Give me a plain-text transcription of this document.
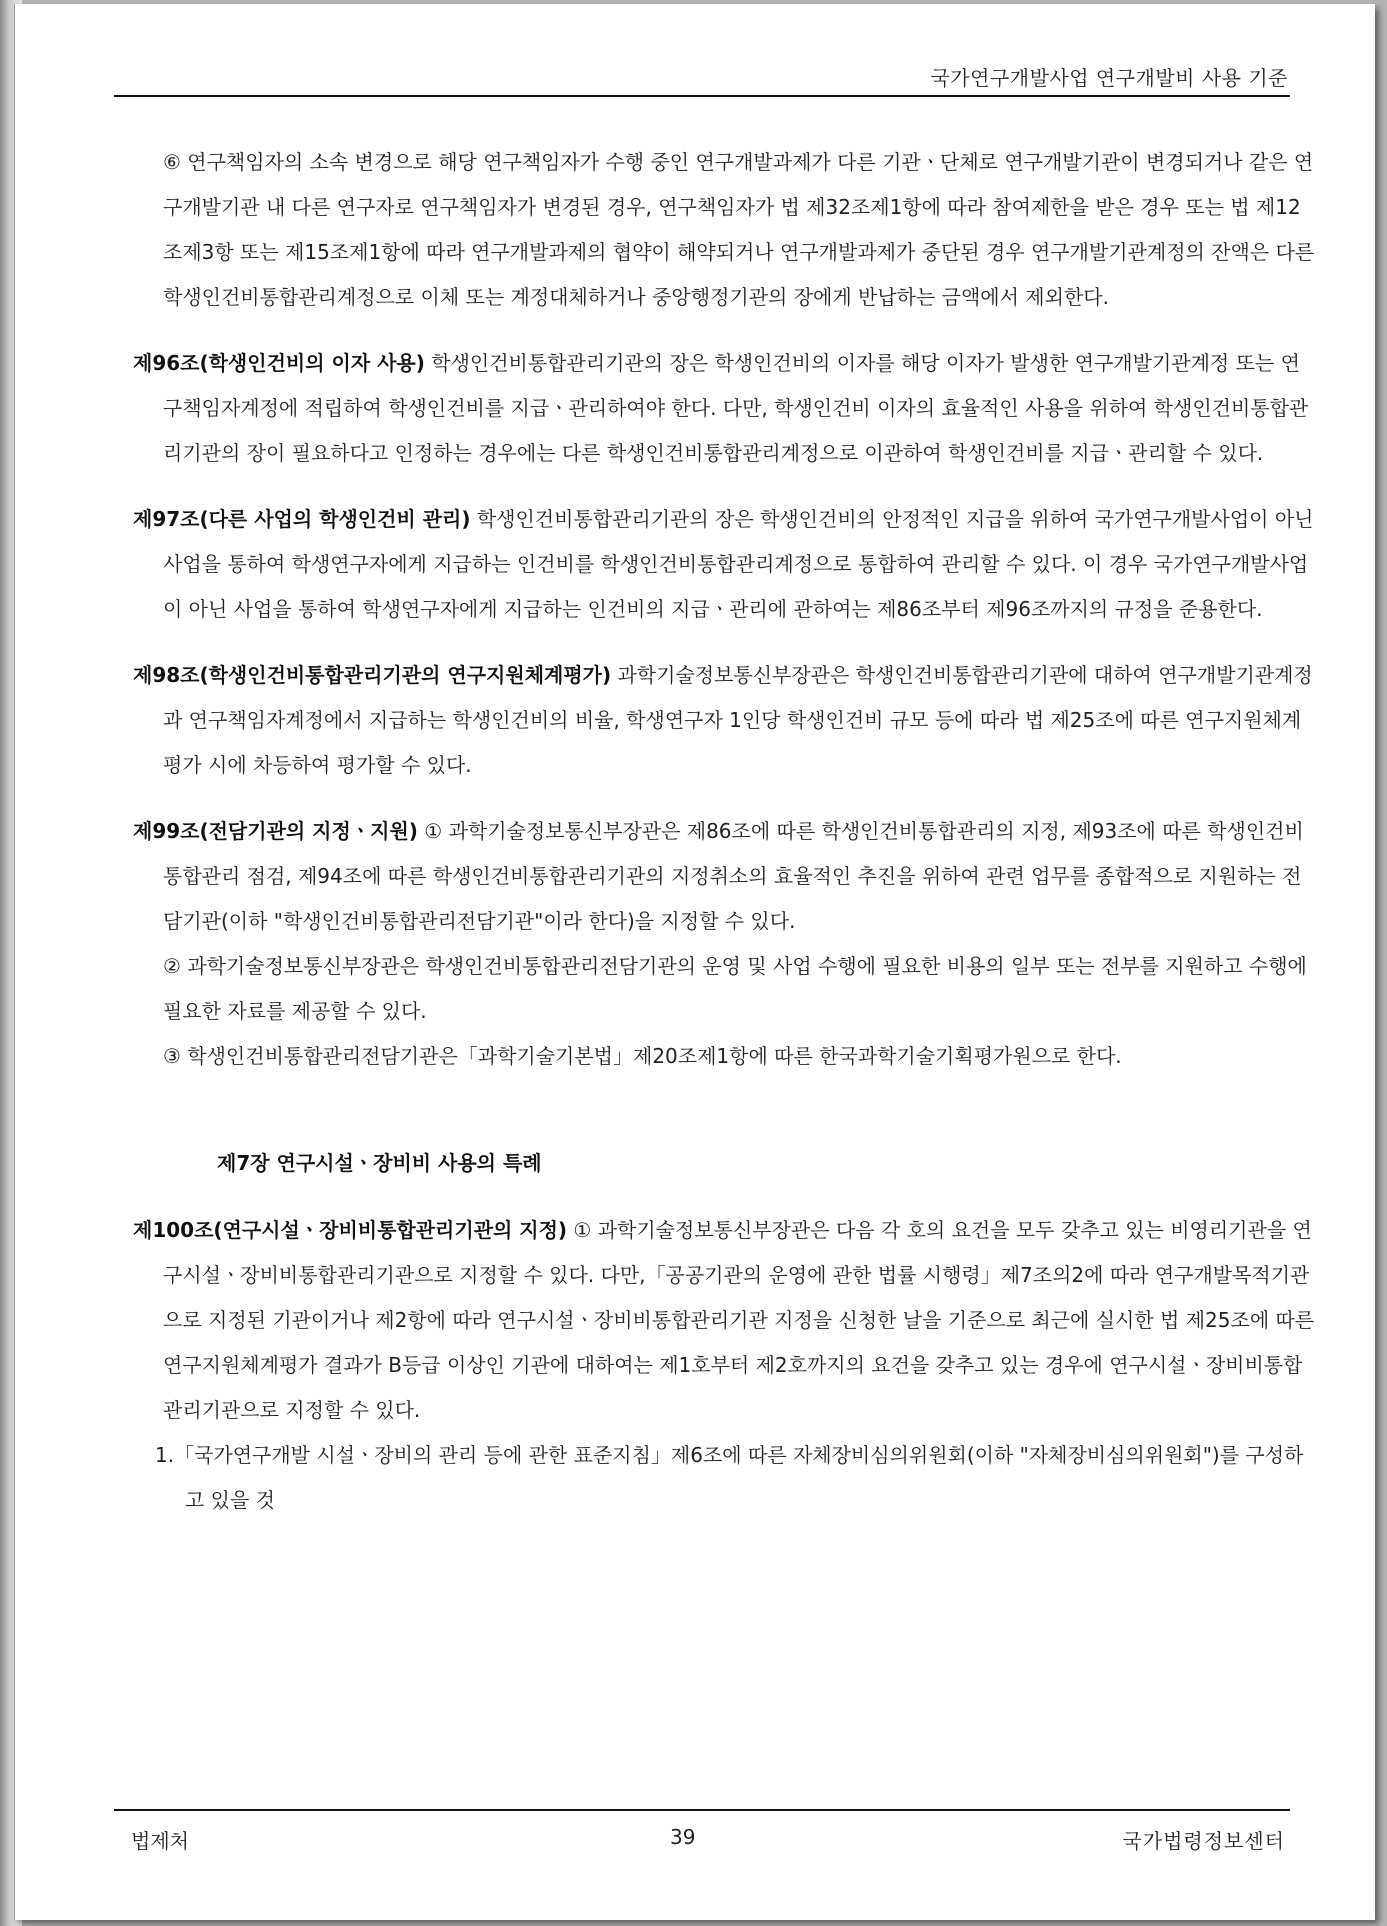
국가연구개발사업 연구개발비 사용 기준

⑥ 연구책임자의 소속 변경으로 해당 연구책임자가 수행 중인 연구개발과제가 다른 기관ㆍ단체로 연구개발기관이 변경되거나 같은 연구개발기관 내 다른 연구자로 연구책임자가 변경된 경우, 연구책임자가 법 제32조제1항에 따라 참여제한을 받은 경우 또는 법 제12조제3항 또는 제15조제1항에 따라 연구개발과제의 협약이 해약되거나 연구개발과제가 중단된 경우 연구개발기관계정의 잔액은 다른 학생인건비통합관리계정으로 이체 또는 계정대체하거나 중앙행정기관의 장에게 반납하는 금액에서 제외한다.

제96조(학생인건비의 이자 사용) 학생인건비통합관리기관의 장은 학생인건비의 이자를 해당 이자가 발생한 연구개발기관계정 또는 연구책임자계정에 적립하여 학생인건비를 지급ㆍ관리하여야 한다. 다만, 학생인건비 이자의 효율적인 사용을 위하여 학생인건비통합관리기관의 장이 필요하다고 인정하는 경우에는 다른 학생인건비통합관리계정으로 이관하여 학생인건비를 지급ㆍ관리할 수 있다.

제97조(다른 사업의 학생인건비 관리) 학생인건비통합관리기관의 장은 학생인건비의 안정적인 지급을 위하여 국가연구개발사업이 아닌 사업을 통하여 학생연구자에게 지급하는 인건비를 학생인건비통합관리계정으로 통합하여 관리할 수 있다. 이 경우 국가연구개발사업이 아닌 사업을 통하여 학생연구자에게 지급하는 인건비의 지급ㆍ관리에 관하여는 제86조부터 제96조까지의 규정을 준용한다.

제98조(학생인건비통합관리기관의 연구지원체계평가) 과학기술정보통신부장관은 학생인건비통합관리기관에 대하여 연구개발기관계정과 연구책임자계정에서 지급하는 학생인건비의 비율, 학생연구자 1인당 학생인건비 규모 등에 따라 법 제25조에 따른 연구지원체계평가 시에 차등하여 평가할 수 있다.

제99조(전담기관의 지정ㆍ지원) ① 과학기술정보통신부장관은 제86조에 따른 학생인건비통합관리의 지정, 제93조에 따른 학생인건비통합관리 점검, 제94조에 따른 학생인건비통합관리기관의 지정취소의 효율적인 추진을 위하여 관련 업무를 종합적으로 지원하는 전담기관(이하 "학생인건비통합관리전담기관"이라 한다)을 지정할 수 있다.

② 과학기술정보통신부장관은 학생인건비통합관리전담기관의 운영 및 사업 수행에 필요한 비용의 일부 또는 전부를 지원하고 수행에 필요한 자료를 제공할 수 있다.

③ 학생인건비통합관리전담기관은「과학기술기본법」제20조제1항에 따른 한국과학기술기획평가원으로 한다.

제7장 연구시설ㆍ장비비 사용의 특례

제100조(연구시설ㆍ장비비통합관리기관의 지정) ① 과학기술정보통신부장관은 다음 각 호의 요건을 모두 갖추고 있는 비영리기관을 연구시설ㆍ장비비통합관리기관으로 지정할 수 있다. 다만,「공공기관의 운영에 관한 법률 시행령」제7조의2에 따라 연구개발목적기관으로 지정된 기관이거나 제2항에 따라 연구시설ㆍ장비비통합관리기관 지정을 신청한 날을 기준으로 최근에 실시한 법 제25조에 따른 연구지원체계평가 결과가 B등급 이상인 기관에 대하여는 제1호부터 제2호까지의 요건을 갖추고 있는 경우에 연구시설ㆍ장비비통합관리기관으로 지정할 수 있다.

1.「국가연구개발 시설ㆍ장비의 관리 등에 관한 표준지침」제6조에 따른 자체장비심의위원회(이하 "자체장비심의위원회")를 구성하고 있을 것

법제처	39	국가법령정보센터
